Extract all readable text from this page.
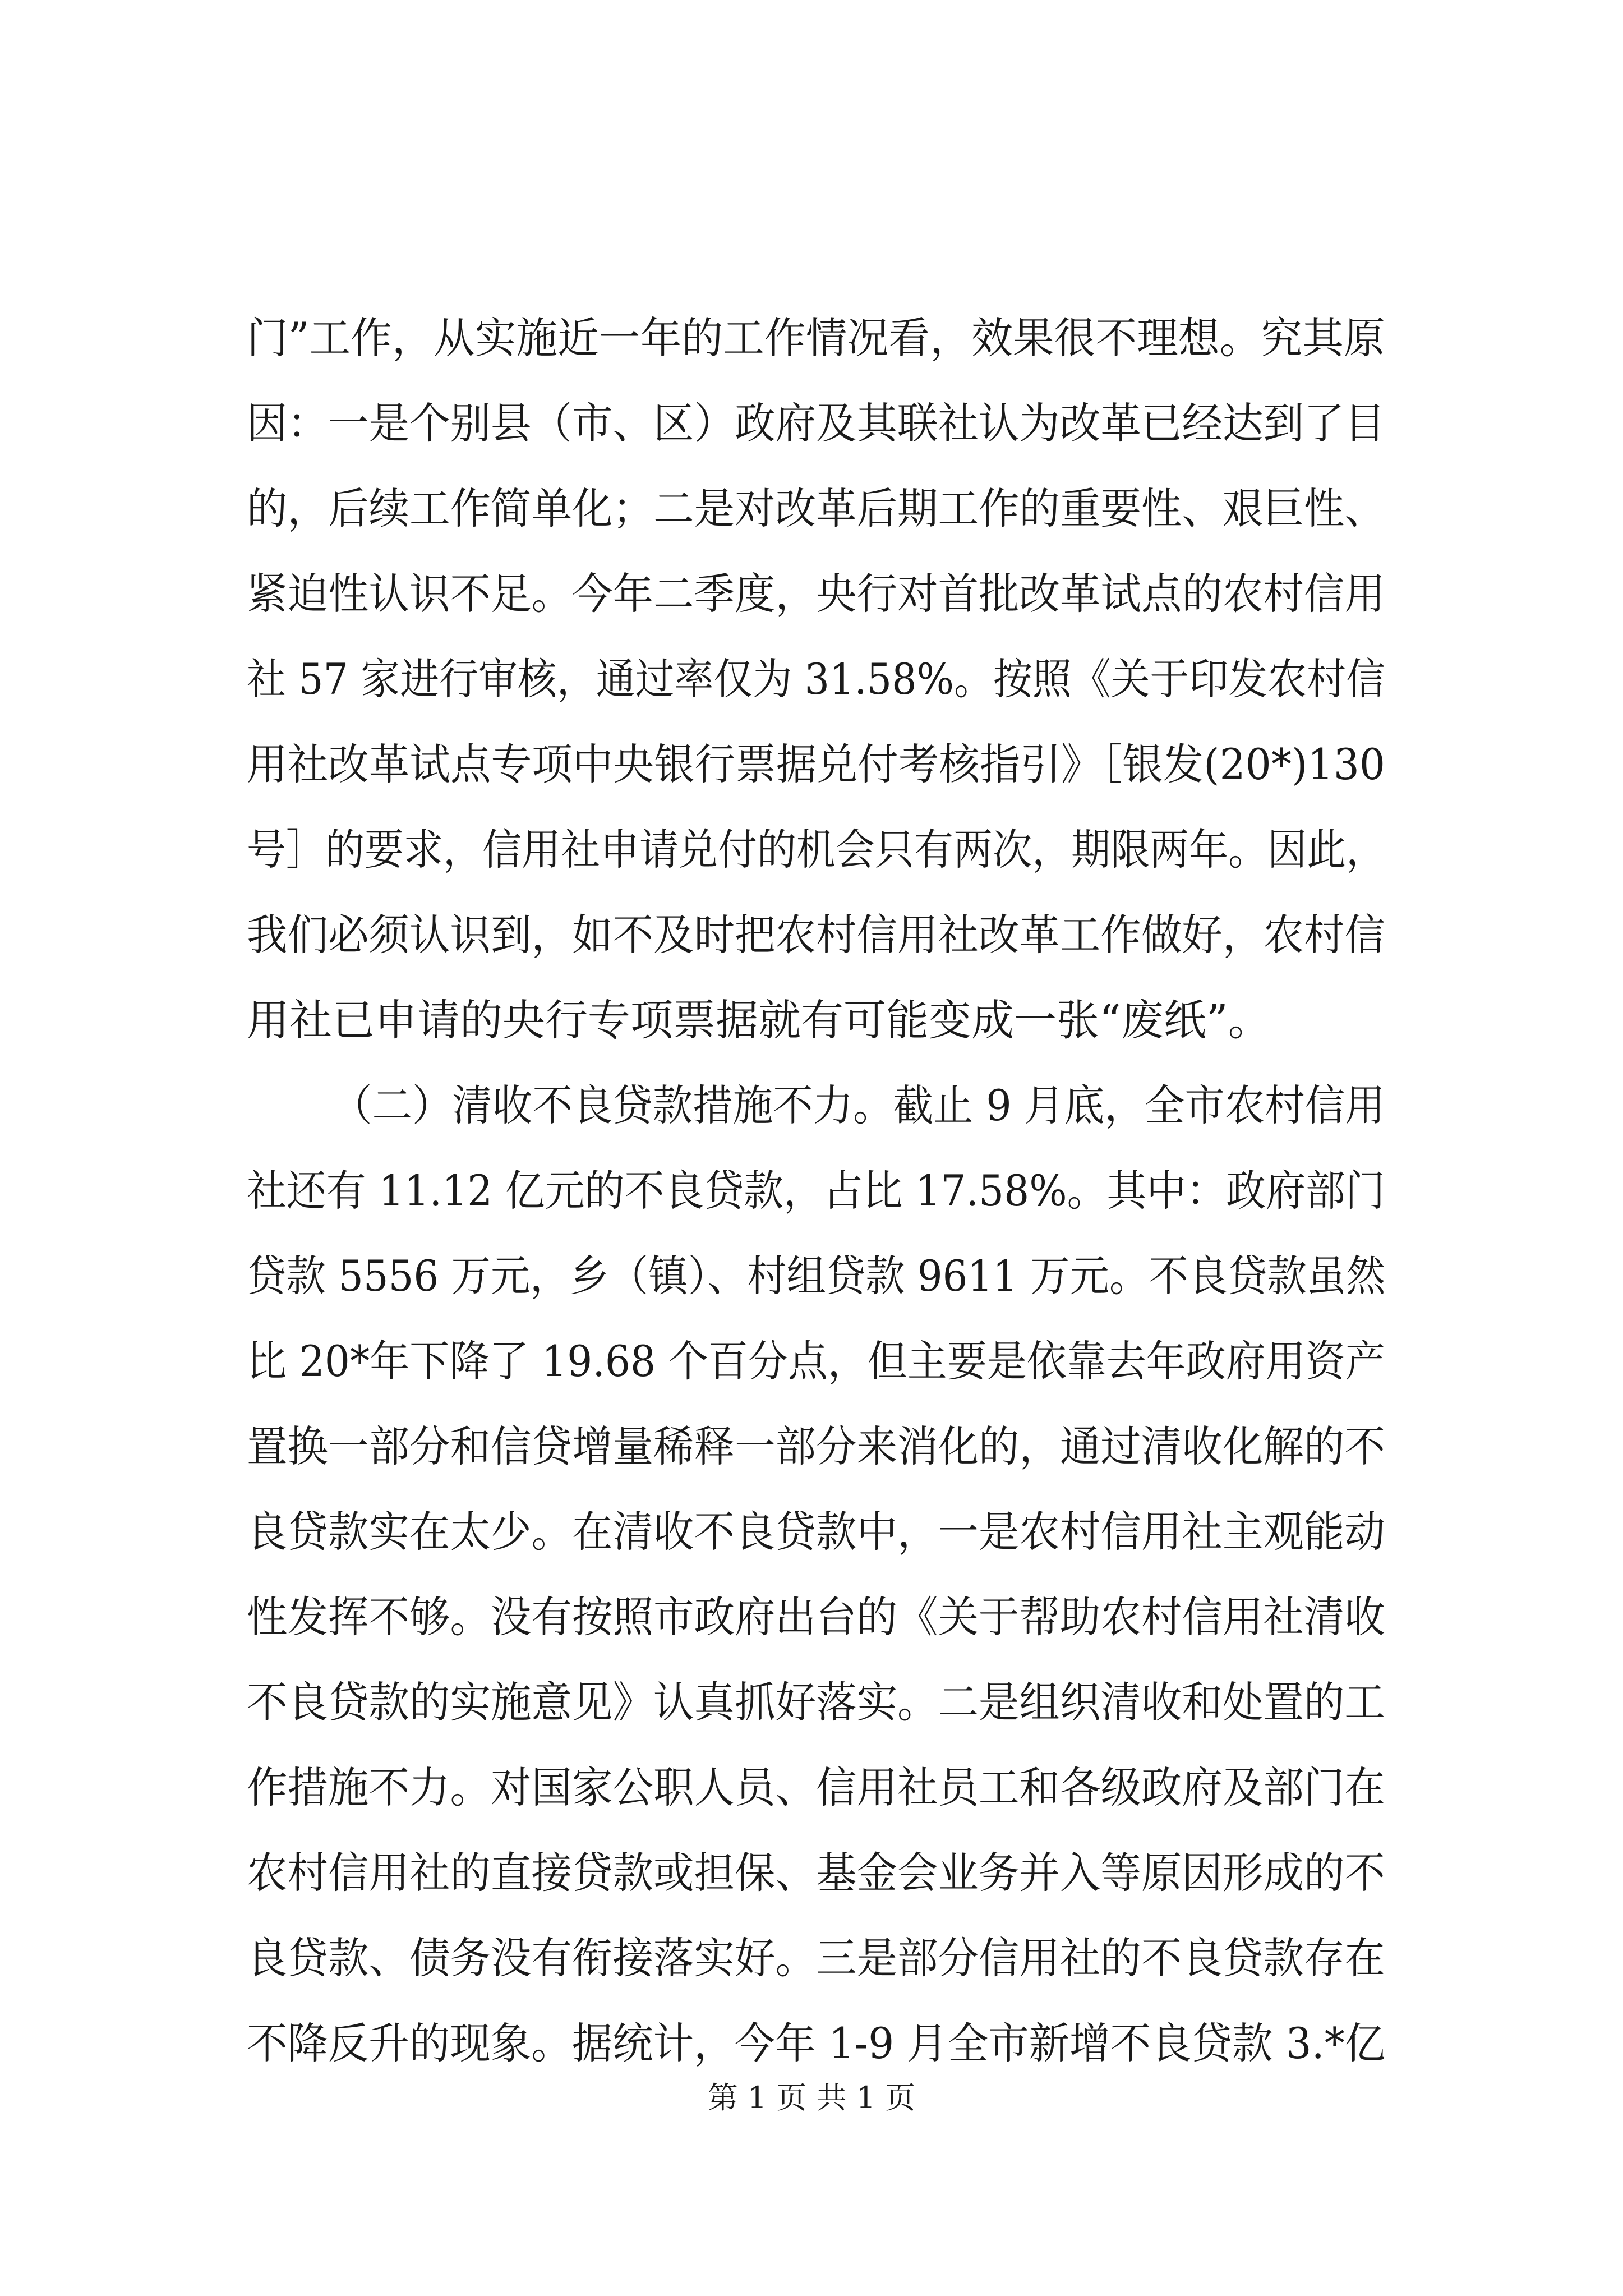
门”工作，从实施近一年的工作情况看，效果很不理想。究其原
因：一是个别县（市、区）政府及其联社认为改革已经达到了目
的，后续工作简单化；二是对改革后期工作的重要性、艰巨性、
紧迫性认识不足。今年二季度，央行对首批改革试点的农村信用
社 57 家进行审核，通过率仅为 31.58%。按照《关于印发农村信
用社改革试点专项中央银行票据兑付考核指引》［银发(20*)130
号］的要求，信用社申请兑付的机会只有两次，期限两年。因此，
我们必须认识到，如不及时把农村信用社改革工作做好，农村信
用社已申请的央行专项票据就有可能变成一张“废纸”。
（二）清收不良贷款措施不力。截止 9 月底，全市农村信用
社还有 11.12 亿元的不良贷款，占比 17.58%。其中：政府部门
贷款 5556 万元，乡（镇）、村组贷款 9611 万元。不良贷款虽然
比 20*年下降了 19.68 个百分点，但主要是依靠去年政府用资产
置换一部分和信贷增量稀释一部分来消化的，通过清收化解的不
良贷款实在太少。在清收不良贷款中，一是农村信用社主观能动
性发挥不够。没有按照市政府出台的《关于帮助农村信用社清收
不良贷款的实施意见》认真抓好落实。二是组织清收和处置的工
作措施不力。对国家公职人员、信用社员工和各级政府及部门在
农村信用社的直接贷款或担保、基金会业务并入等原因形成的不
良贷款、债务没有衔接落实好。三是部分信用社的不良贷款存在
不降反升的现象。据统计，今年 1-9 月全市新增不良贷款 3.*亿
第 1 页 共 1 页
